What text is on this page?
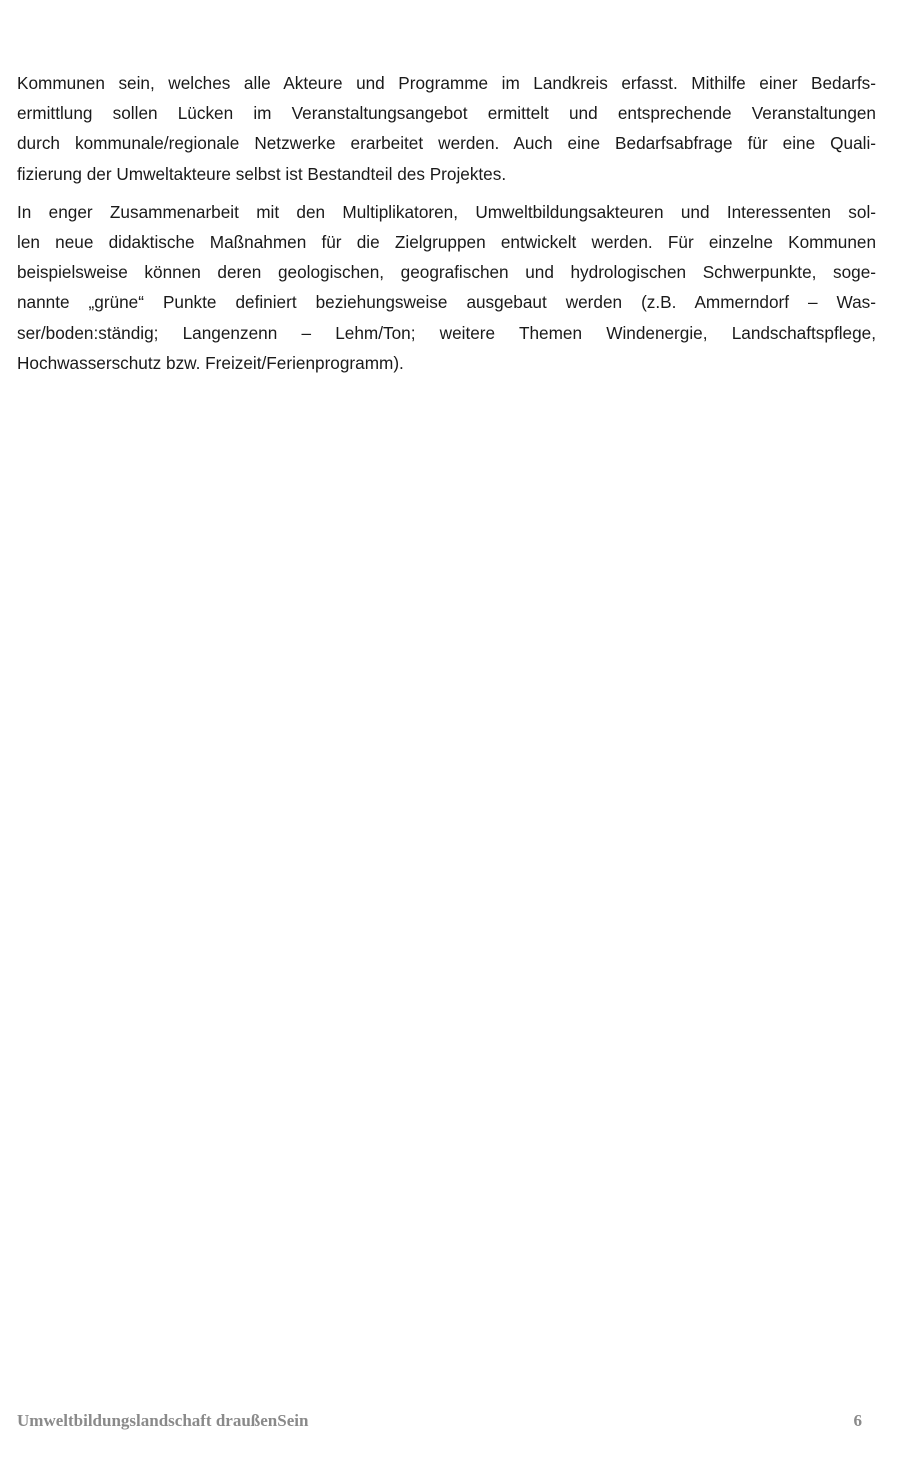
Kommunen sein, welches alle Akteure und Programme im Landkreis erfasst. Mithilfe einer Bedarfs-
ermittlung sollen Lücken im Veranstaltungsangebot ermittelt und entsprechende Veranstaltungen
durch kommunale/regionale Netzwerke erarbeitet werden. Auch eine Bedarfsabfrage für eine Quali-
fizierung der Umweltakteure selbst ist Bestandteil des Projektes.

In enger Zusammenarbeit mit den Multiplikatoren, Umweltbildungsakteuren und Interessenten sol-
len neue didaktische Maßnahmen für die Zielgruppen entwickelt werden. Für einzelne Kommunen
beispielsweise können deren geologischen, geografischen und hydrologischen Schwerpunkte, soge-
nannte „grüne“ Punkte definiert beziehungsweise ausgebaut werden (z.B. Ammerndorf – Was-
ser/boden:ständig; Langenzenn – Lehm/Ton; weitere Themen Windenergie, Landschaftspflege,
Hochwasserschutz bzw. Freizeit/Ferienprogramm).

Umweltbildungslandschaft draußenSein	6
